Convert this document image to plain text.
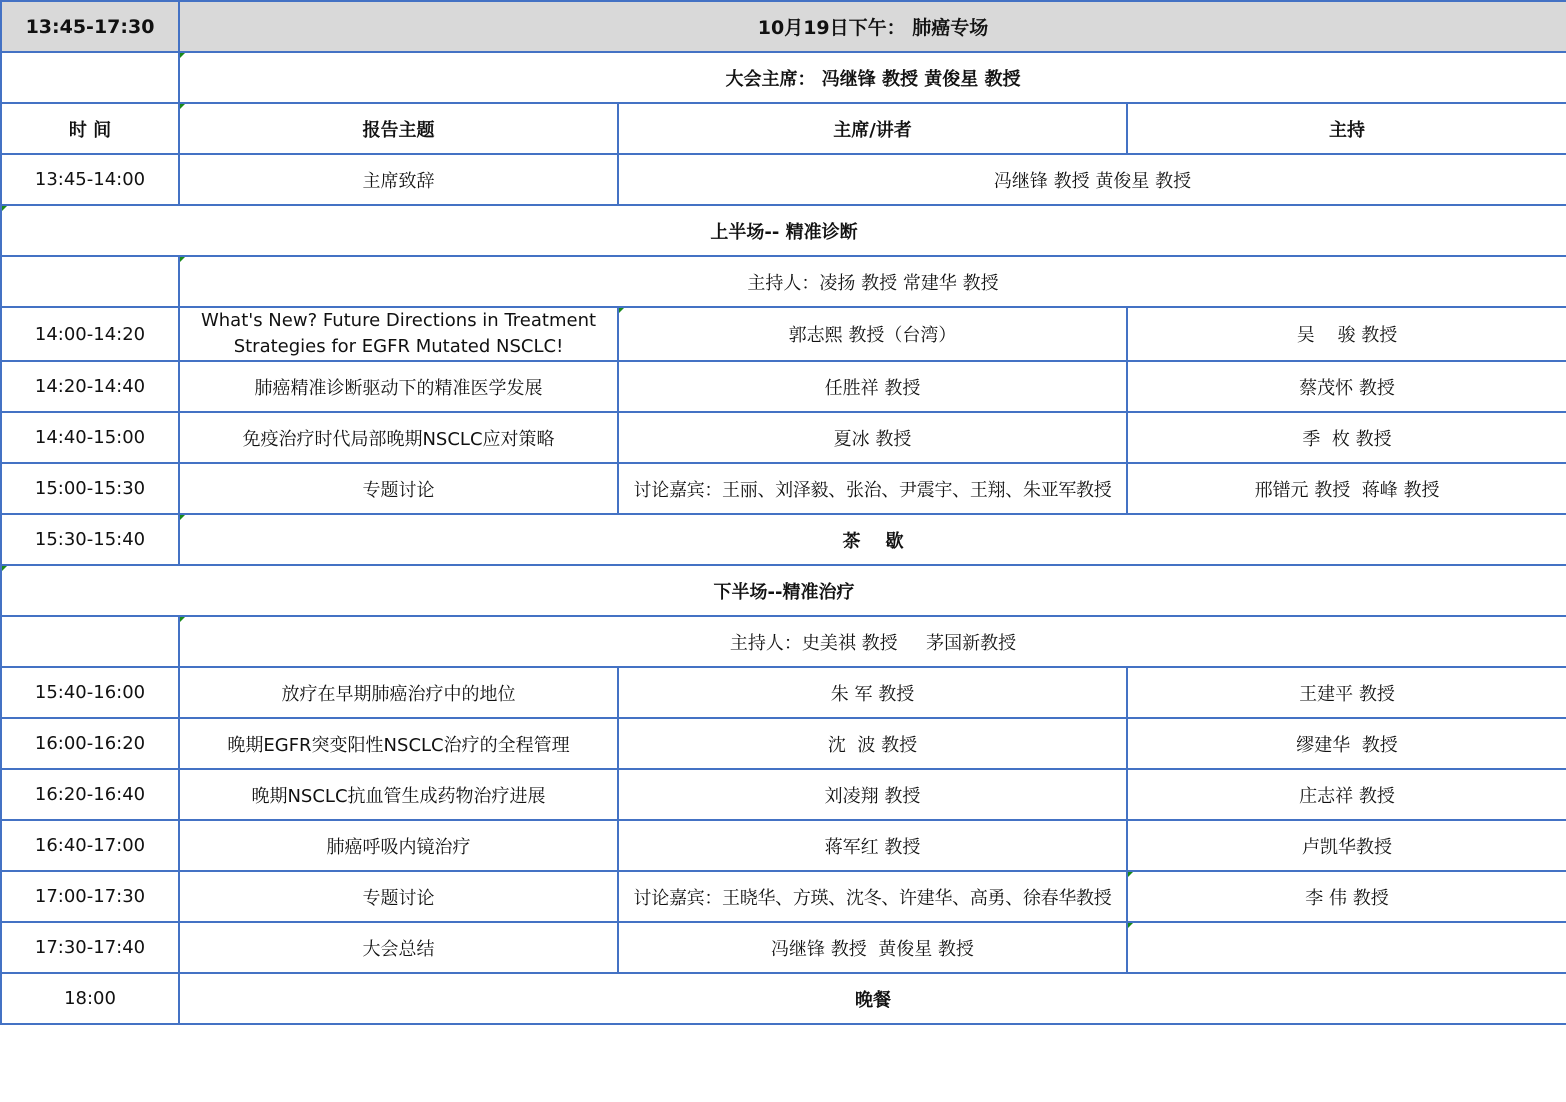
13:45-17:30	10月19日下午： 肺癌专场		
	大会主席： 冯继锋 教授 黄俊星 教授		
时 间	报告主题	主席/讲者	主持
13:45-14:00	主席致辞	冯继锋 教授 黄俊星 教授	
上半场-- 精准诊断			
	主持人：凌扬 教授 常建华 教授		
14:00-14:20	What's New? Future Directions in Treatment Strategies for EGFR Mutated NSCLC!	郭志熙 教授（台湾）	吴    骏 教授
14:20-14:40	肺癌精准诊断驱动下的精准医学发展	任胜祥 教授	蔡茂怀 教授
14:40-15:00	免疫治疗时代局部晚期NSCLC应对策略	夏冰 教授	季  枚 教授
15:00-15:30	专题讨论	讨论嘉宾：王丽、刘泽毅、张治、尹震宇、王翔、朱亚军教授	邢镨元 教授  蒋峰 教授
15:30-15:40	茶    歇		
下半场--精准治疗			
	主持人：史美祺 教授     茅国新教授		
15:40-16:00	放疗在早期肺癌治疗中的地位	朱 军 教授	王建平 教授
16:00-16:20	晚期EGFR突变阳性NSCLC治疗的全程管理	沈  波 教授	缪建华  教授
16:20-16:40	晚期NSCLC抗血管生成药物治疗进展	刘凌翔 教授	庄志祥 教授
16:40-17:00	肺癌呼吸内镜治疗	蒋军红 教授	卢凯华教授
17:00-17:30	专题讨论	讨论嘉宾：王晓华、方瑛、沈冬、许建华、高勇、徐春华教授	李 伟 教授
17:30-17:40	大会总结	冯继锋 教授  黄俊星 教授	
18:00	晚餐		
